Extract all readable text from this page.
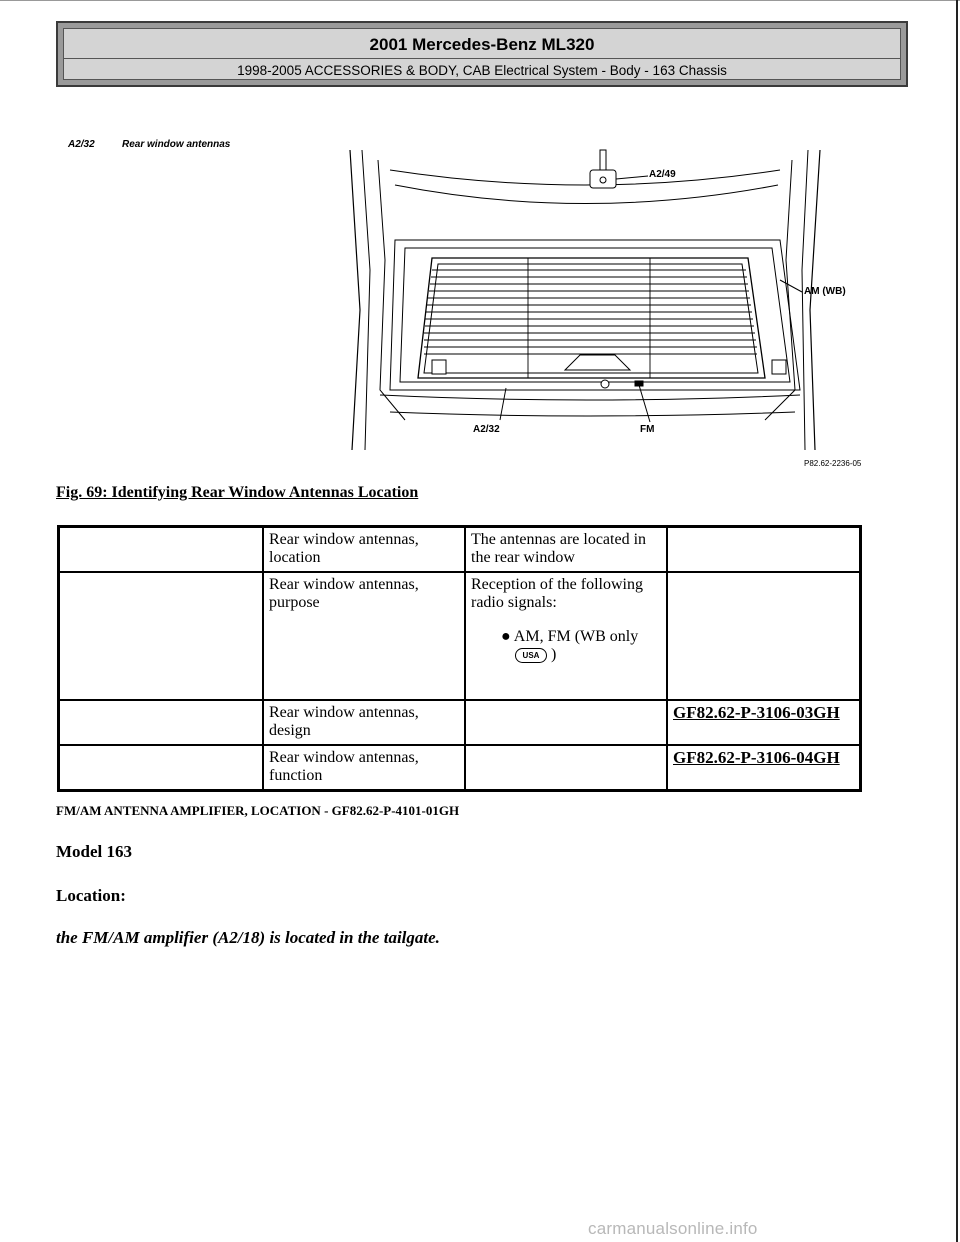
2001 Mercedes-Benz ML320
1998-2005 ACCESSORIES & BODY, CAB Electrical System - Body - 163 Chassis
A2/32	Rear window antennas
A2/49
AM (WB)
A2/32	FM
P82.62-2236-05
Fig. 69: Identifying Rear Window Antennas Location
	Rear window antennas, location	The antennas are located in the rear window	
	Rear window antennas, purpose	Reception of the following radio signals:
● AM, FM (WB only
USA )	

	Rear window antennas, design		GF82.62-P-3106-03GH
	Rear window antennas, function		GF82.62-P-3106-04GH
FM/AM ANTENNA AMPLIFIER, LOCATION - GF82.62-P-4101-01GH
Model 163
Location:
the FM/AM amplifier (A2/18) is located in the tailgate.
carmanualsonline.info
